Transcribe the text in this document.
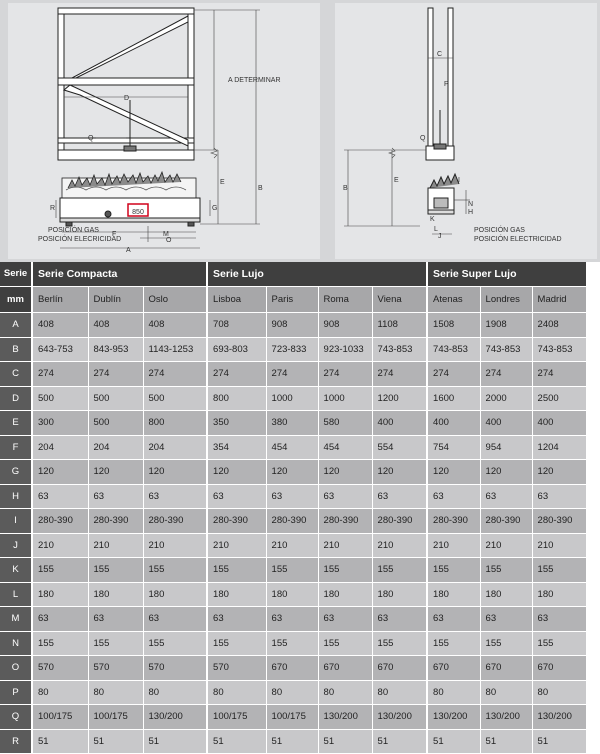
850
A DETERMINAR
D
Q
E
B
G
R
F	M
O
A
POSICIÓN GAS
POSICIÓN ELECRICIDAD
C
P
Q
E
B
I
N
H
K
L
J
POSICIÓN GAS
POSICIÓN ELECTRICIDAD
Serie	Serie Compacta			Serie Lujo				Serie Super Lujo		
mm	Berlín	Dublín	Oslo	Lisboa	Paris	Roma	Viena	Atenas	Londres	Madrid
A	408	408	408	708	908	908	1108	1508	1908	2408
B	643-753	843-953	1143-1253	693-803	723-833	923-1033	743-853	743-853	743-853	743-853
C	274	274	274	274	274	274	274	274	274	274
D	500	500	500	800	1000	1000	1200	1600	2000	2500
E	300	500	800	350	380	580	400	400	400	400
F	204	204	204	354	454	454	554	754	954	1204
G	120	120	120	120	120	120	120	120	120	120
H	63	63	63	63	63	63	63	63	63	63
I	280-390	280-390	280-390	280-390	280-390	280-390	280-390	280-390	280-390	280-390
J	210	210	210	210	210	210	210	210	210	210
K	155	155	155	155	155	155	155	155	155	155
L	180	180	180	180	180	180	180	180	180	180
M	63	63	63	63	63	63	63	63	63	63
N	155	155	155	155	155	155	155	155	155	155
O	570	570	570	570	670	670	670	670	670	670
P	80	80	80	80	80	80	80	80	80	80
Q	100/175	100/175	130/200	100/175	100/175	130/200	130/200	130/200	130/200	130/200
R	51	51	51	51	51	51	51	51	51	51
